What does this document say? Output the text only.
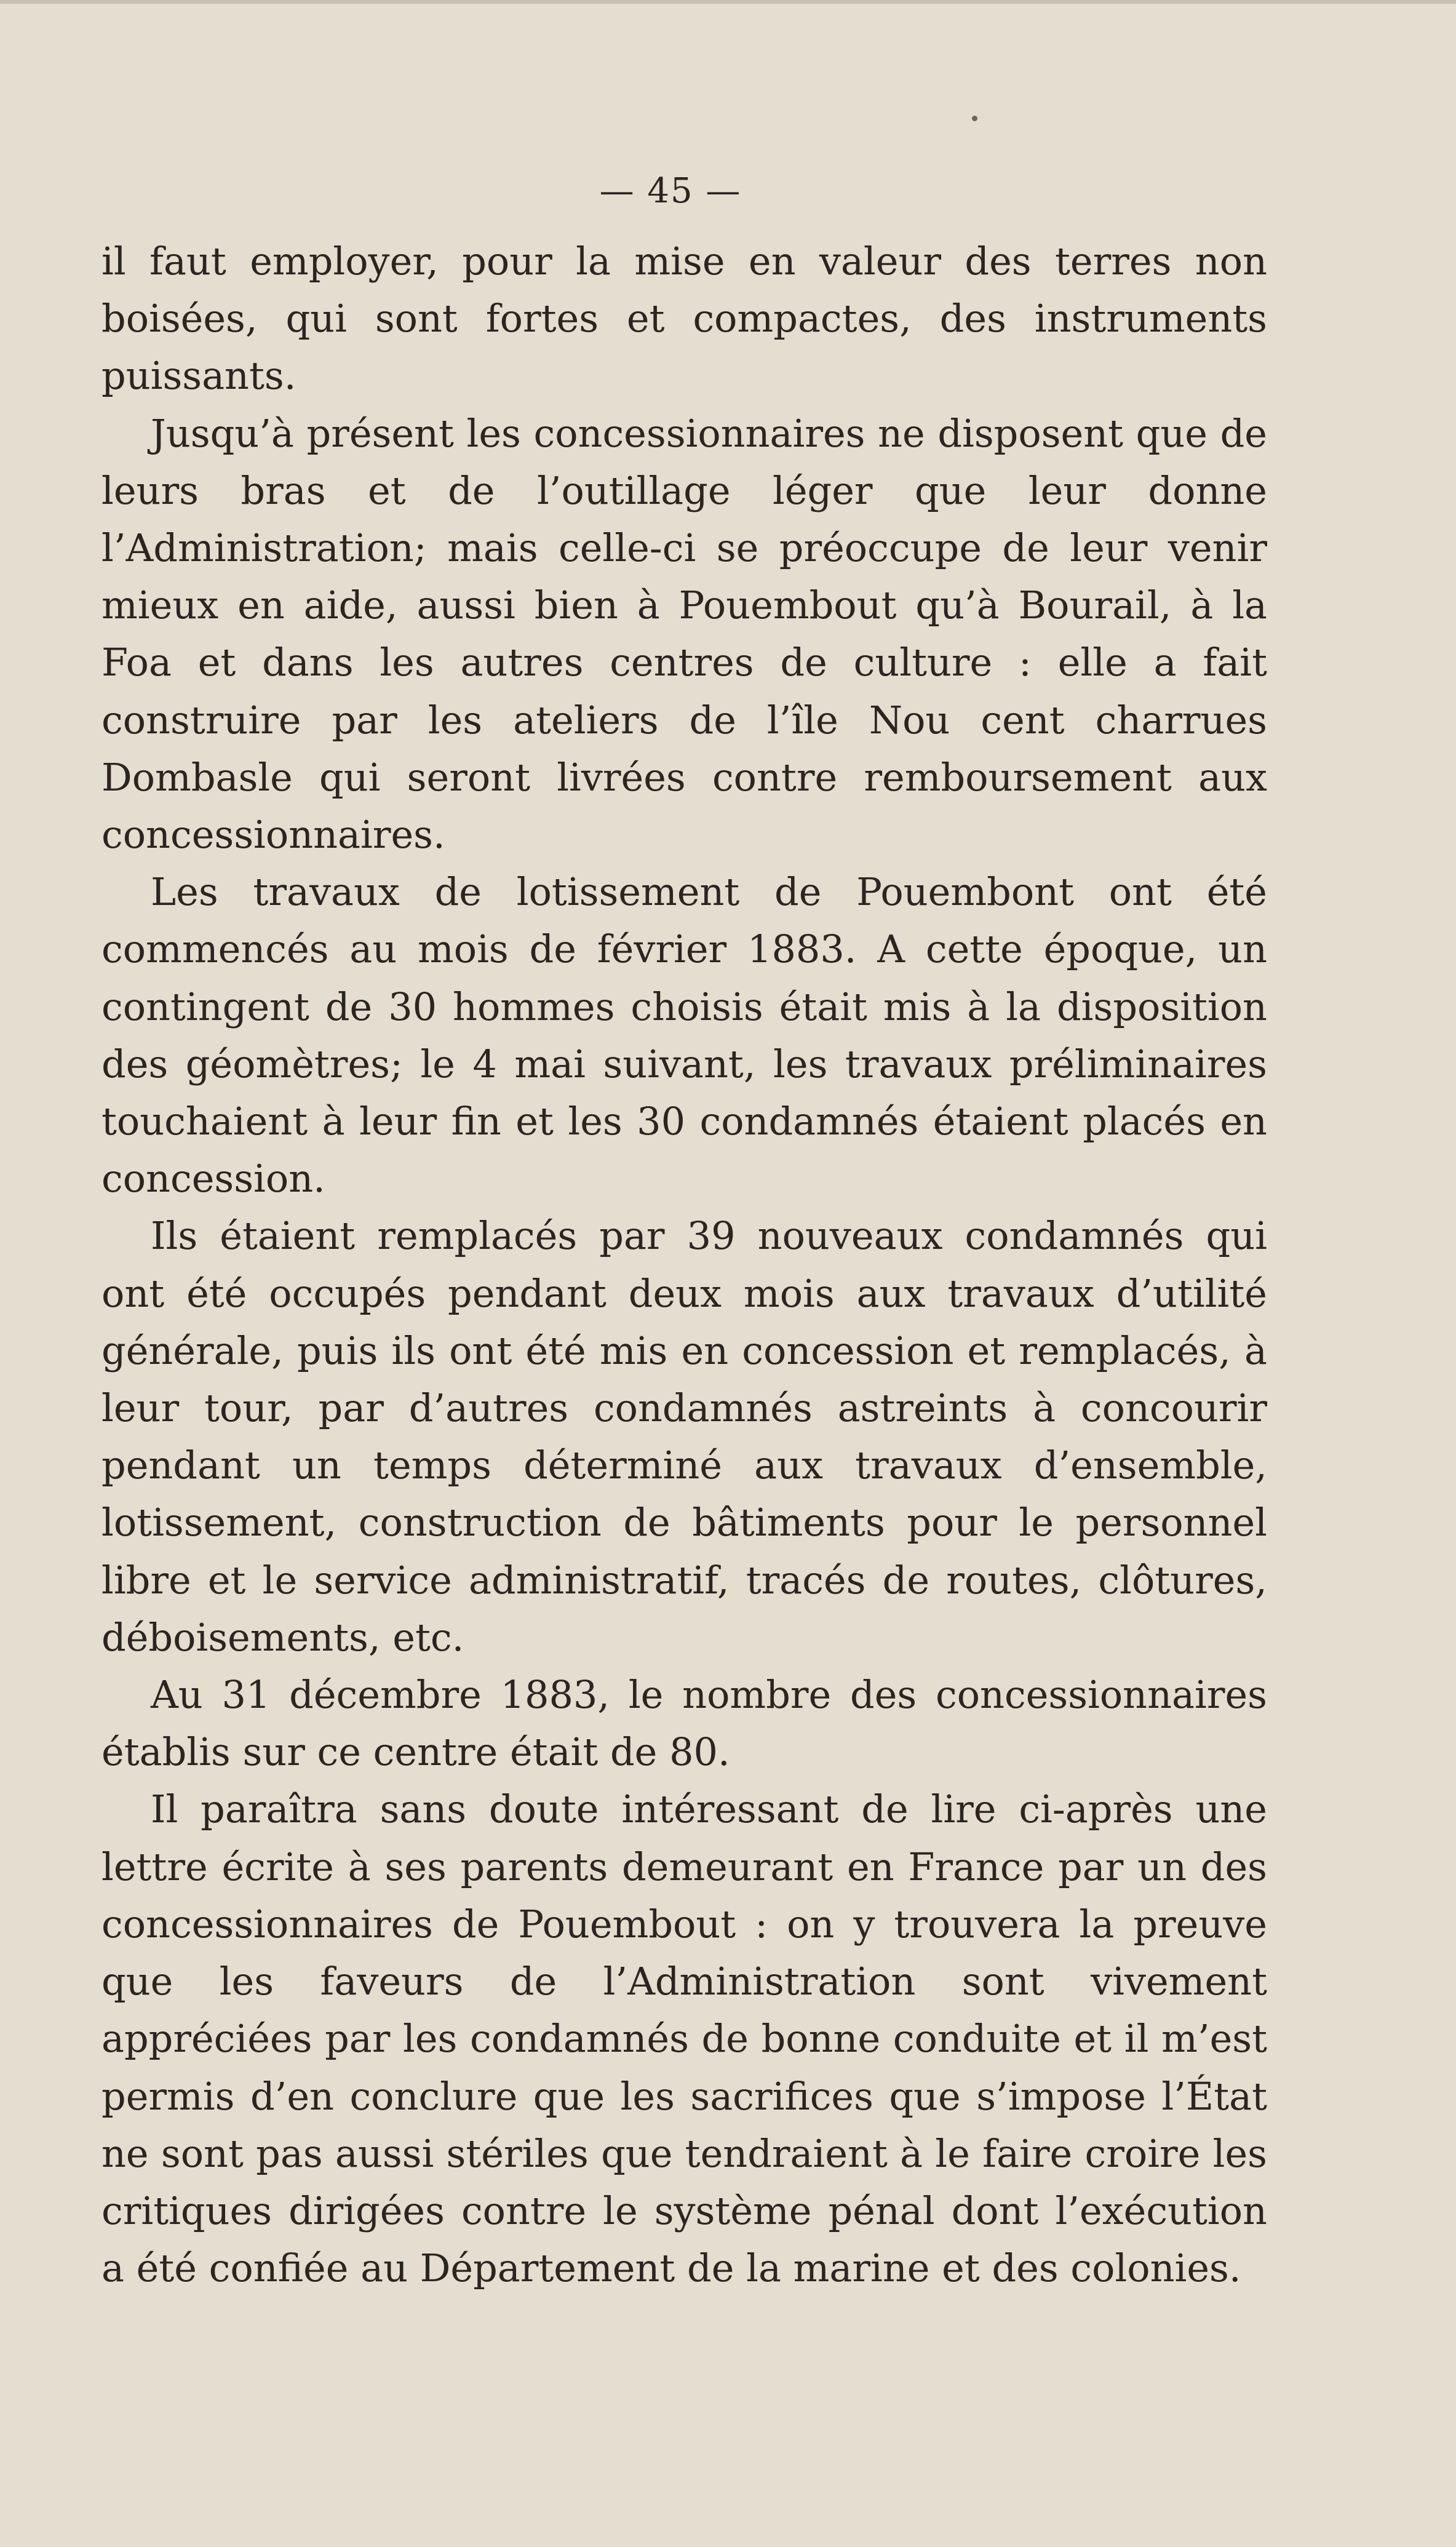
— 45 —

il faut employer, pour la mise en valeur des terres non boisées, qui sont fortes et compactes, des instruments puissants.

Jusqu’à présent les concessionnaires ne disposent que de leurs bras et de l’outillage léger que leur donne l’Administration; mais celle-ci se préoccupe de leur venir mieux en aide, aussi bien à Pouembout qu’à Bourail, à la Foa et dans les autres centres de culture : elle a fait construire par les ateliers de l’île Nou cent charrues Dombasle qui seront livrées contre remboursement aux concessionnaires.

Les travaux de lotissement de Pouembont ont été commencés au mois de février 1883. A cette époque, un contingent de 30 hommes choisis était mis à la disposition des géomètres; le 4 mai suivant, les travaux préliminaires touchaient à leur fin et les 30 condamnés étaient placés en concession.

Ils étaient remplacés par 39 nouveaux condamnés qui ont été occupés pendant deux mois aux travaux d’utilité générale, puis ils ont été mis en concession et remplacés, à leur tour, par d’autres condamnés astreints à concourir pendant un temps déterminé aux travaux d’ensemble, lotissement, construction de bâtiments pour le personnel libre et le service administratif, tracés de routes, clôtures, déboisements, etc.

Au 31 décembre 1883, le nombre des concessionnaires établis sur ce centre était de 80.

Il paraîtra sans doute intéressant de lire ci-après une lettre écrite à ses parents demeurant en France par un des concessionnaires de Pouembout : on y trouvera la preuve que les faveurs de l’Administration sont vivement appréciées par les condamnés de bonne conduite et il m’est permis d’en conclure que les sacrifices que s’impose l’État ne sont pas aussi stériles que tendraient à le faire croire les critiques dirigées contre le système pénal dont l’exécution a été confiée au Département de la marine et des colonies.
